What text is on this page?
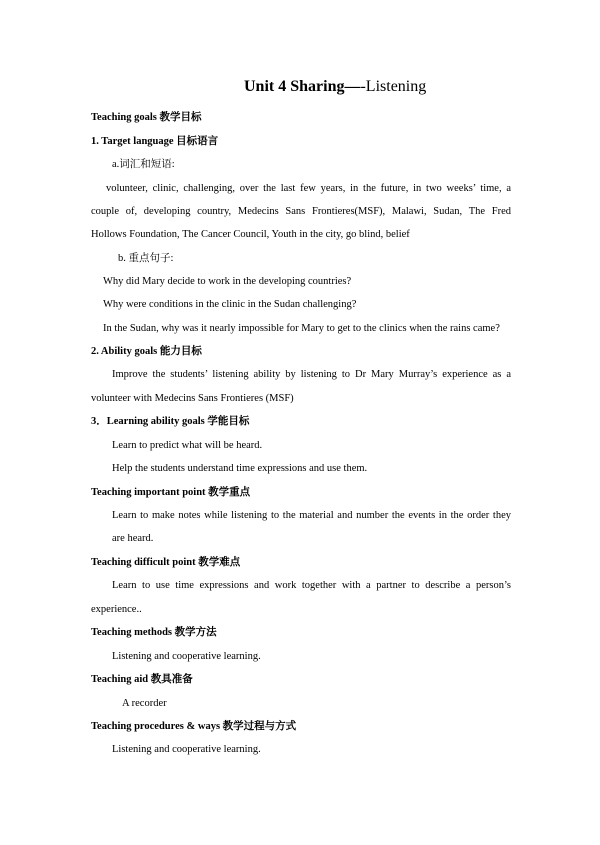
Unit 4 Sharing—-Listening
Teaching goals 教学目标
1. Target language 目标语言
a.词汇和短语:
volunteer, clinic, challenging, over the last few years, in the future, in two weeks’ time, a
couple of, developing country, Medecins Sans Frontieres(MSF), Malawi, Sudan, The Fred
Hollows Foundation, The Cancer Council, Youth in the city, go blind, belief
b. 重点句子:
Why did Mary decide to work in the developing countries?
Why were conditions in the clinic in the Sudan challenging?
In the Sudan, why was it nearly impossible for Mary to get to the clinics when the rains came?
2. Ability goals 能力目标
Improve the students’ listening ability by listening to Dr Mary Murray’s experience as a
volunteer with Medecins Sans Frontieres (MSF)
3．Learning ability goals 学能目标
Learn to predict what will be heard.
Help the students understand time expressions and use them.
Teaching important point 教学重点
Learn to make notes while listening to the material and number the events in the order they
are heard.
Teaching difficult point 教学难点
Learn to use time expressions and work together with a partner to describe a person’s
experience..
Teaching methods 教学方法
Listening and cooperative learning.
Teaching aid 教具准备
A recorder
Teaching procedures & ways 教学过程与方式
Listening and cooperative learning.
